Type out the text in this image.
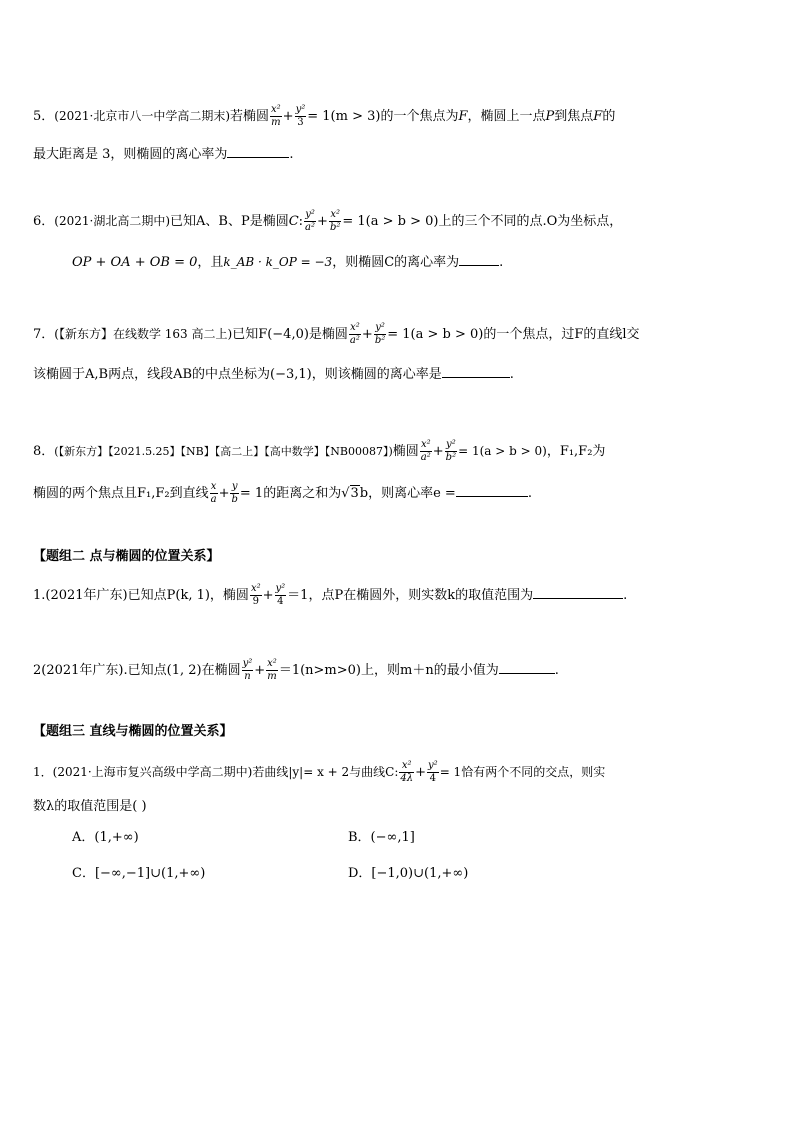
5．(2021·北京市八一中学高二期末)若椭圆 $\frac{\text{x²}}{m} + \frac{\text{y²}}{3} = 1(m > 3)$的一个焦点为F，椭圆上一点P到焦点F的
最大距离是 3，则椭圆的离心率为	.
6．(2021·湖北高二期中)已知A、B、P是椭圆C: $\frac{\text{y²}}{\text{a²}} + \frac{\text{x²}}{\text{b²}} = 1(a > b > 0)$上的三个不同的点.O为坐标点，
OP + OA + OB = 0，且k_AB · k_OP = −3，则椭圆C的离心率为	.
7．(【新东方】在线数学 163 高二上)已知F(−4,0)是椭圆 $\frac{\text{x²}}{\text{a²}} + \frac{\text{y²}}{\text{b²}} = 1(a > b > 0)$的一个焦点，过F的直线l交
该椭圆于A,B两点，线段AB的中点坐标为(−3,1)，则该椭圆的离心率是	.
8．(【新东方】【2021.5.25】【NB】【高二上】【高中数学】【NB00087】)椭圆 $\frac{\text{x²}}{\text{a²}} + \frac{\text{y²}}{\text{b²}} = 1(a > b > 0)$，F₁,F₂为
椭圆的两个焦点且F₁,F₂到直线 $\frac{x}{a} + \frac{y}{b} = 1$的距离之和为√3b，则离心率e =	.
【题组二 点与椭圆的位置关系】
1.(2021年广东)已知点P(k, 1)，椭圆 $\frac{\text{x²}}{9} + \frac{\text{y²}}{4} =1$，点P在椭圆外，则实数k的取值范围为	.
2(2021年广东).已知点(1, 2)在椭圆 $\frac{\text{y²}}{n} + \frac{\text{x²}}{m} =1(n>m>0)$上，则m＋n的最小值为	.
【题组三 直线与椭圆的位置关系】
1．(2021·上海市复兴高级中学高二期中)若曲线|y|= x + 2与曲线C: $\frac{\text{x²}}{4\lambda} + \frac{\text{y²}}{4} = 1$恰有两个不同的交点，则实
数λ的取值范围是( )
A．(1,+∞)	B．(−∞,1]
C．[−∞,−1]∪(1,+∞)	D．[−1,0)∪(1,+∞)
